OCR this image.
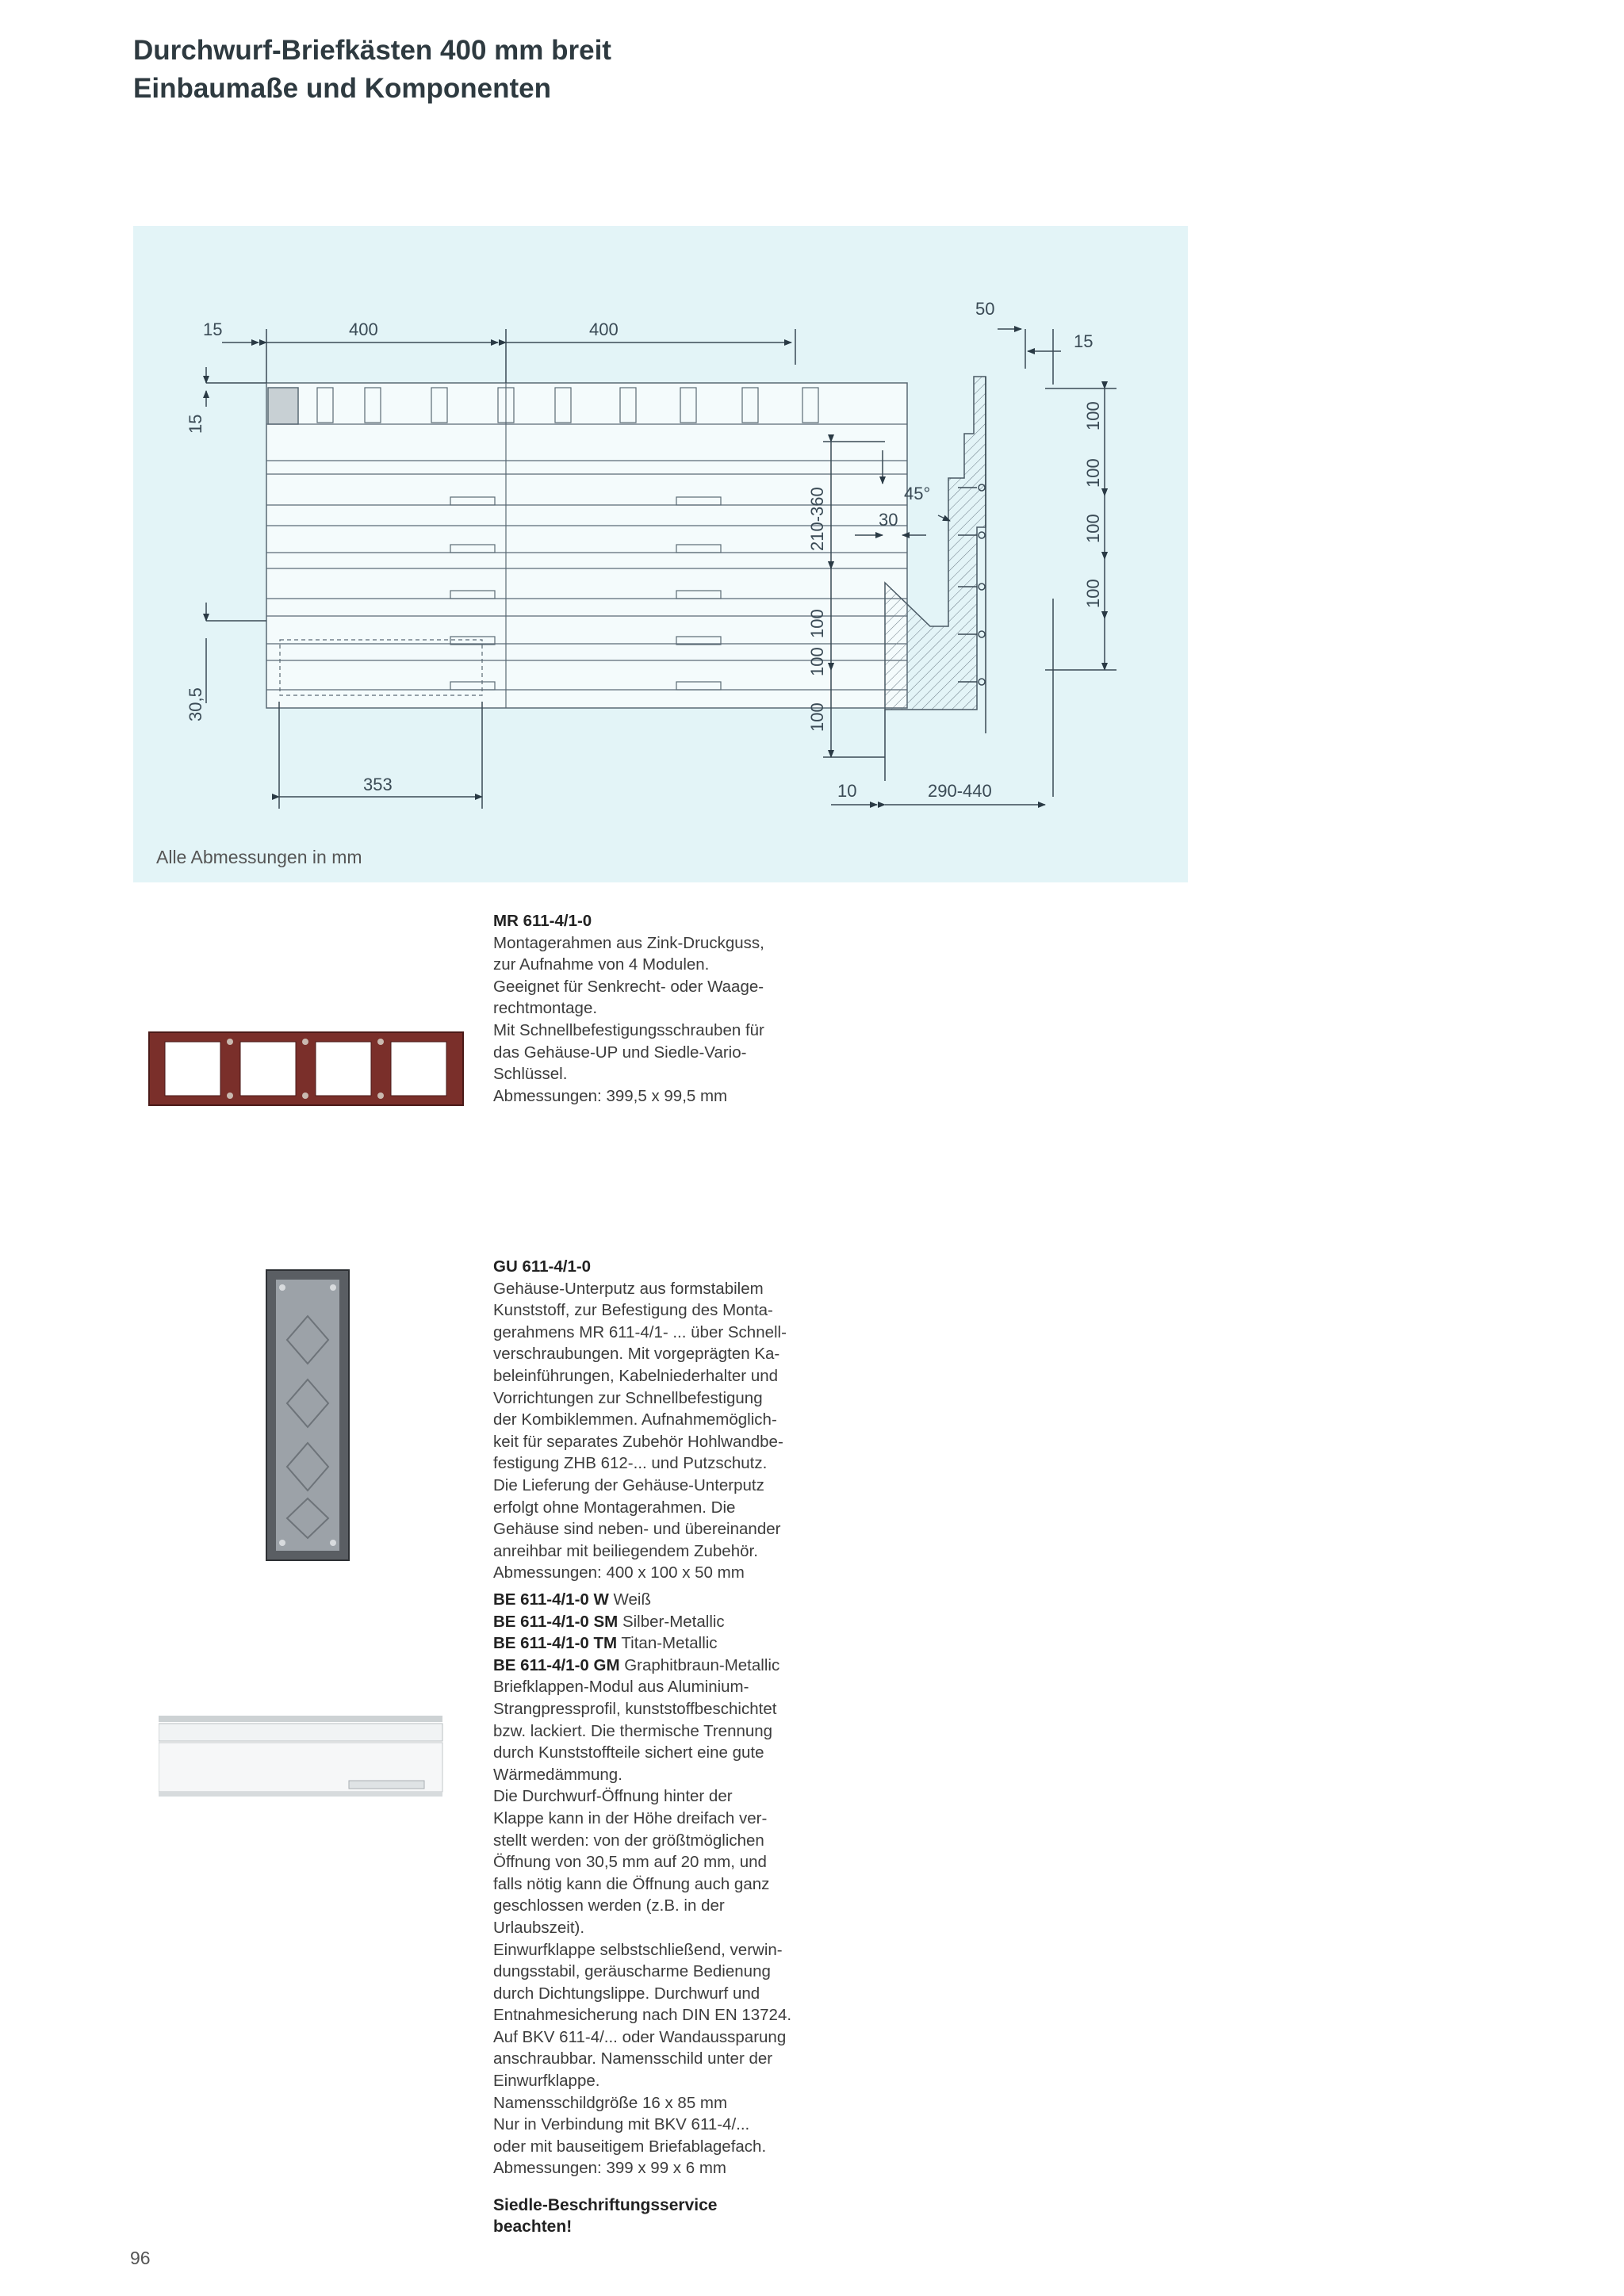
Durchwurf-Briefkästen 400 mm breit
Einbaumaße und Komponenten
15	400	400
15
30,5
353
210-360
100
100
100
45°
30
10	290-440
50
15
100
100
100
100
Alle Abmessungen in mm
MR 611-4/1-0

Montagerahmen aus Zink-Druckguss,

zur Aufnahme von 4 Modulen.

Geeignet für Senkrecht- oder Waage-

rechtmontage.

Mit Schnellbefestigungsschrauben für

das Gehäuse-UP und Siedle-Vario-

Schlüssel.

Abmessungen: 399,5 x 99,5 mm

GU 611-4/1-0

Gehäuse-Unterputz aus formstabilem

Kunststoff, zur Befestigung des Monta-

gerahmens MR 611-4/1- ... über Schnell-

verschraubungen. Mit vorgeprägten Ka-

beleinführungen, Kabelniederhalter und

Vorrichtungen zur Schnellbefestigung

der Kombiklemmen. Aufnahmemöglich-

keit für separates Zubehör Hohlwandbe-

festigung ZHB 612-... und Putzschutz.

Die Lieferung der Gehäuse-Unterputz

erfolgt ohne Montagerahmen. Die

Gehäuse sind neben- und übereinander

anreihbar mit beiliegendem Zubehör.

Abmessungen: 400 x 100 x 50 mm

BE 611-4/1-0 W Weiß

BE 611-4/1-0 SM Silber-Metallic

BE 611-4/1-0 TM Titan-Metallic

BE 611-4/1-0 GM Graphitbraun-Metallic

Briefklappen-Modul aus Aluminium-

Strangpressprofil, kunststoffbeschichtet

bzw. lackiert. Die thermische Trennung

durch Kunststoffteile sichert eine gute

Wärmedämmung.

Die Durchwurf-Öffnung hinter der

Klappe kann in der Höhe dreifach ver-

stellt werden: von der größtmöglichen

Öffnung von 30,5 mm auf 20 mm, und

falls nötig kann die Öffnung auch ganz

geschlossen werden (z.B. in der

Urlaubszeit).

Einwurfklappe selbstschließend, verwin-

dungsstabil, geräuscharme Bedienung

durch Dichtungslippe. Durchwurf und

Entnahmesicherung nach DIN EN 13724.

Auf BKV 611-4/... oder Wandaussparung

anschraubbar. Namensschild unter der

Einwurfklappe.

Namensschildgröße 16 x 85 mm

Nur in Verbindung mit BKV 611-4/...

oder mit bauseitigem Briefablagefach.

Abmessungen: 399 x 99 x 6 mm

Siedle-Beschriftungsservice
beachten!
96
